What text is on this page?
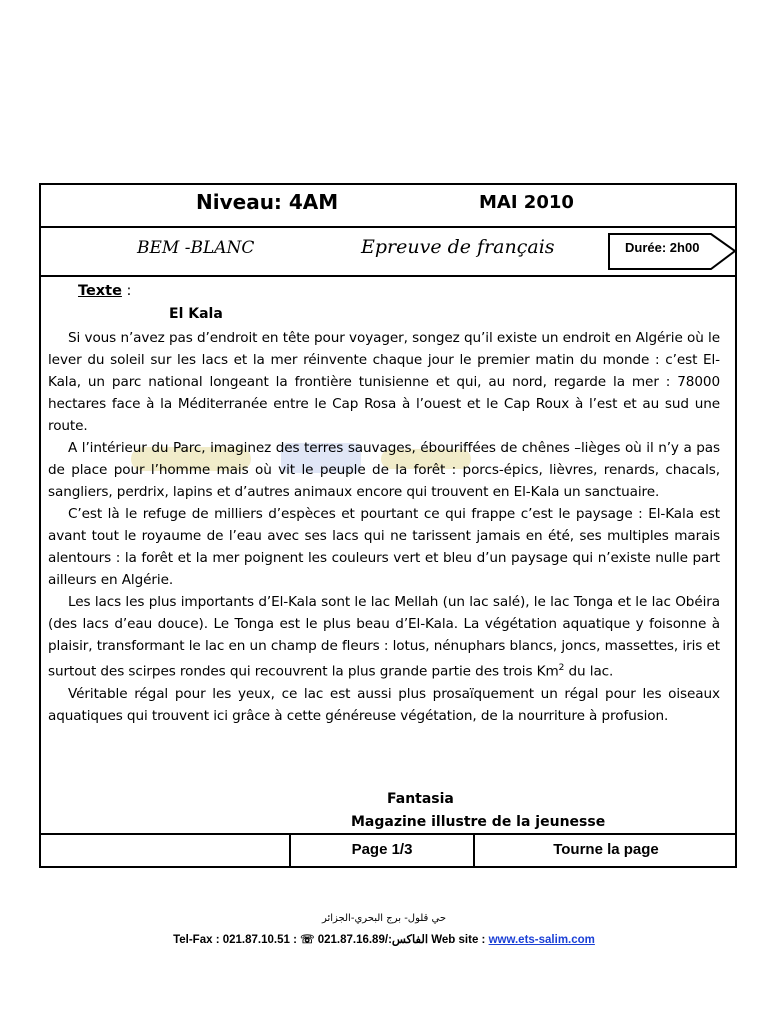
Niveau: 4AM	MAI 2010
BEM -BLANC	Epreuve de français	Durée: 2h00
Texte :
El Kala

Si vous n’avez pas d’endroit en tête pour voyager, songez qu’il existe un endroit en Algérie où le lever du soleil sur les lacs et la mer réinvente chaque jour le premier matin du monde : c’est El-Kala, un parc national longeant la frontière tunisienne et qui, au nord, regarde la mer : 78000 hectares face à la Méditerranée entre le Cap Rosa à l’ouest et le Cap Roux à l’est et au sud une route.

A l’intérieur du Parc, imaginez des terres sauvages, ébouriffées de chênes –lièges où il n’y a pas de place pour l’homme mais où vit le peuple de la forêt : porcs-épics, lièvres, renards, chacals, sangliers, perdrix, lapins et d’autres animaux encore qui trouvent en El-Kala un sanctuaire.

C’est là le refuge de milliers d’espèces et pourtant ce qui frappe c’est le paysage : El-Kala est avant tout le royaume de l’eau avec ses lacs qui ne tarissent jamais en été, ses multiples marais alentours : la forêt et la mer poignent les couleurs vert et bleu d’un paysage qui n’existe nulle part ailleurs en Algérie.

Les lacs les plus importants d’El-Kala sont le lac Mellah (un lac salé), le lac Tonga et le lac Obéira (des lacs d’eau douce). Le Tonga est le plus beau d’El-Kala. La végétation aquatique y foisonne à plaisir, transformant le lac en un champ de fleurs : lotus, nénuphars blancs, joncs, massettes, iris et surtout des scirpes rondes qui recouvrent la plus grande partie des trois Km$^2$ du lac.

Véritable régal pour les yeux, ce lac est aussi plus prosaïquement un régal pour les oiseaux aquatiques qui trouvent ici grâce à cette généreuse végétation, de la nourriture à profusion.

Fantasia
Magazine illustre de la jeunesse
Page 1/3	Tourne la page
حي قلول- برج البحري-الجزائر
Tel-Fax : 021.87.10.51 : ☏	الفاكس:/021.87.16.89	Web site : www.ets-salim.com
